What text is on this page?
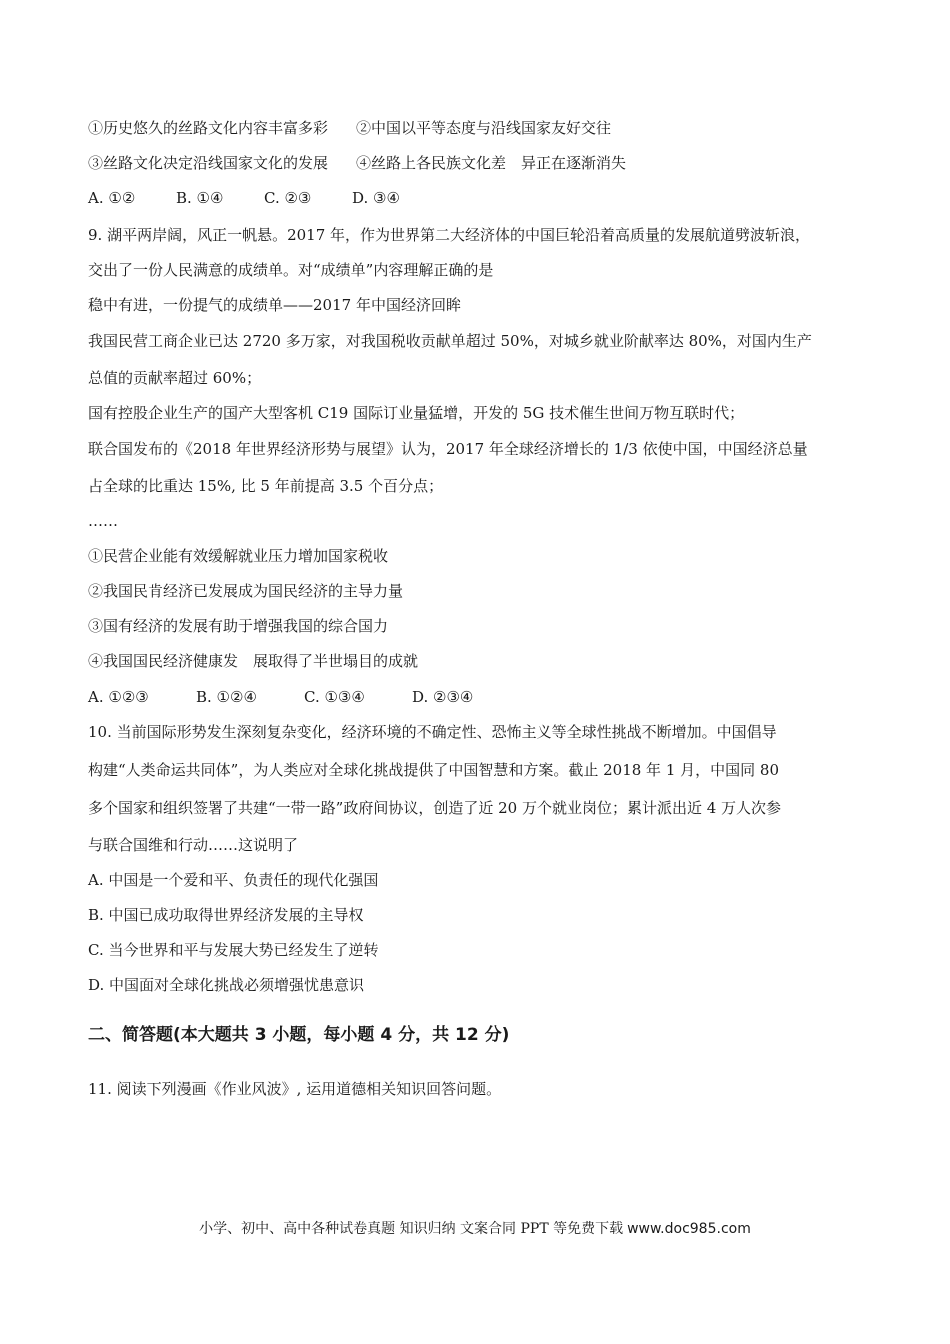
①历史悠久的丝路文化内容丰富多彩 ②中国以平等态度与沿线国家友好交往
③丝路文化决定沿线国家文化的发展 ④丝路上各民族文化差　异正在逐渐消失
A. ①②	B. ①④	C. ②③	D. ③④
9. 湖平两岸阔，风正一帆悬。2017 年，作为世界第二大经济体的中国巨轮沿着高质量的发展航道劈波斩浪，
交出了一份人民满意的成绩单。对“成绩单”内容理解正确的是
稳中有进，一份提气的成绩单——2017 年中国经济回眸
我国民营工商企业已达 2720 多万家，对我国税收贡献单超过 50%，对城乡就业阶献率达 80%，对国内生产
总值的贡献率超过 60%；
国有控股企业生产的国产大型客机 C19 国际订业量猛增，开发的 5G 技术催生世间万物互联时代；
联合国发布的《2018 年世界经济形势与展望》认为，2017 年全球经济增长的 1/3 依使中国，中国经济总量
占全球的比重达 15%, 比 5 年前提高 3.5 个百分点；
……
①民营企业能有效缓解就业压力增加国家税收
②我国民肯经济已发展成为国民经济的主导力量
③国有经济的发展有助于增强我国的综合国力
④我国国民经济健康发　展取得了半世塌目的成就
A. ①②③	B. ①②④	C. ①③④	D. ②③④
10. 当前国际形势发生深刻复杂变化，经济环境的不确定性、恐怖主义等全球性挑战不断增加。中国倡导
构建“人类命运共同体”，为人类应对全球化挑战提供了中国智慧和方案。截止 2018 年 1 月，中国同 80
多个国家和组织签署了共建“一带一路”政府间协议，创造了近 20 万个就业岗位；累计派出近 4 万人次参
与联合国维和行动……这说明了
A. 中国是一个爱和平、负责任的现代化强国
B. 中国已成功取得世界经济发展的主导权
C. 当今世界和平与发展大势已经发生了逆转
D. 中国面对全球化挑战必须增强忧患意识
二、简答题(本大题共 3 小题，每小题 4 分，共 12 分)
11. 阅读下列漫画《作业风波》, 运用道德相关知识回答问题。
小学、初中、高中各种试卷真题 知识归纳 文案合同 PPT 等免费下载 www.doc985.com
